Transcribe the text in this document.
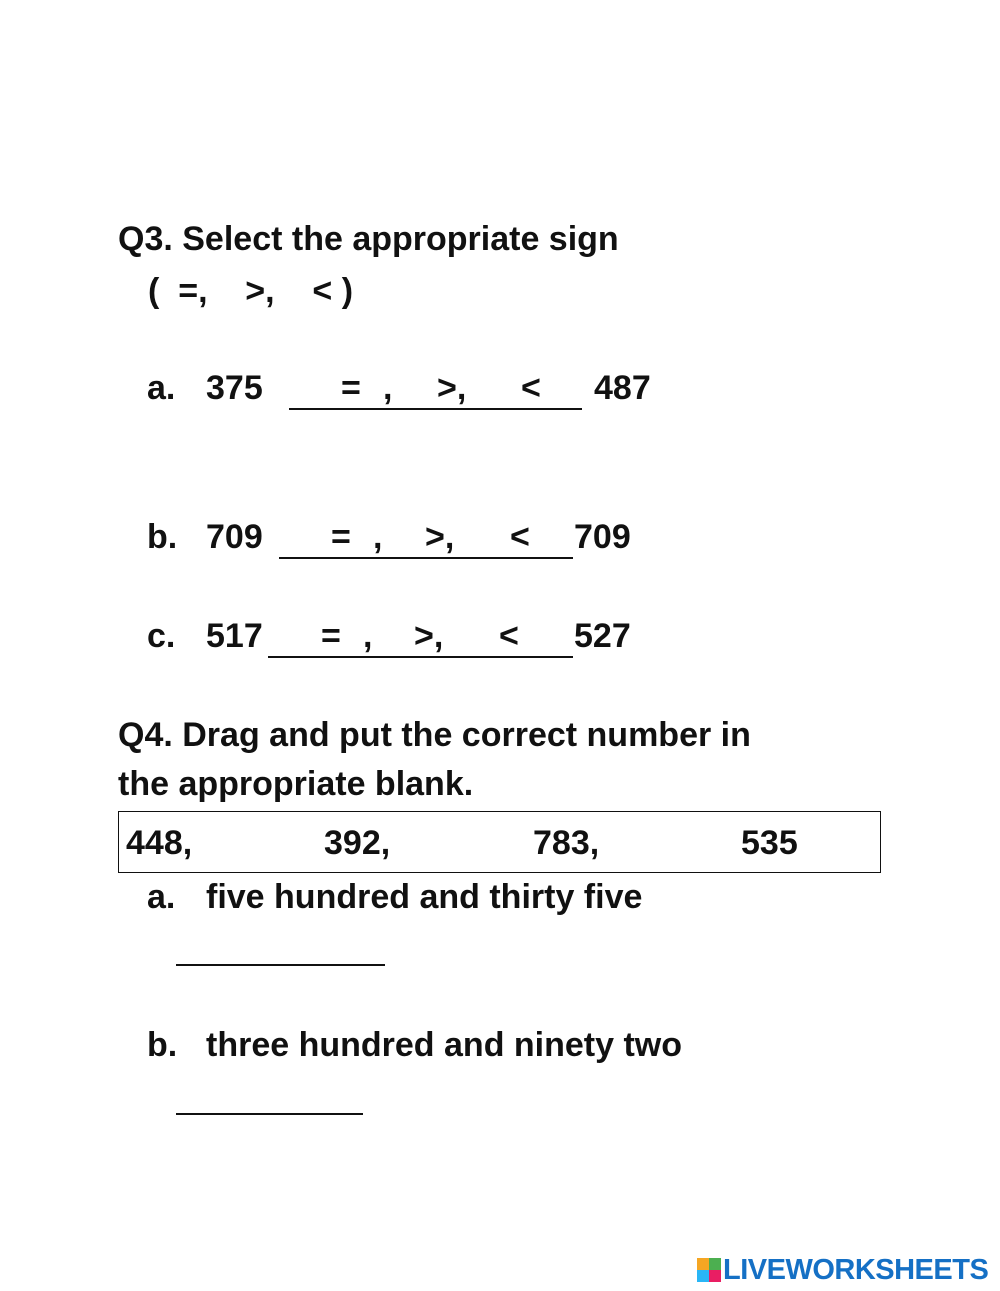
Q3. Select the appropriate sign
(  =,    >,    < )
a. 375 = , >, < 487
b. 709 = , >, < 709
c. 517 = , >, < 527
Q4. Drag and put the correct number in
the appropriate blank.
448,	392,	783,	535
a. five hundred and thirty five
b. three hundred and ninety two
LIVEWORKSHEETS
